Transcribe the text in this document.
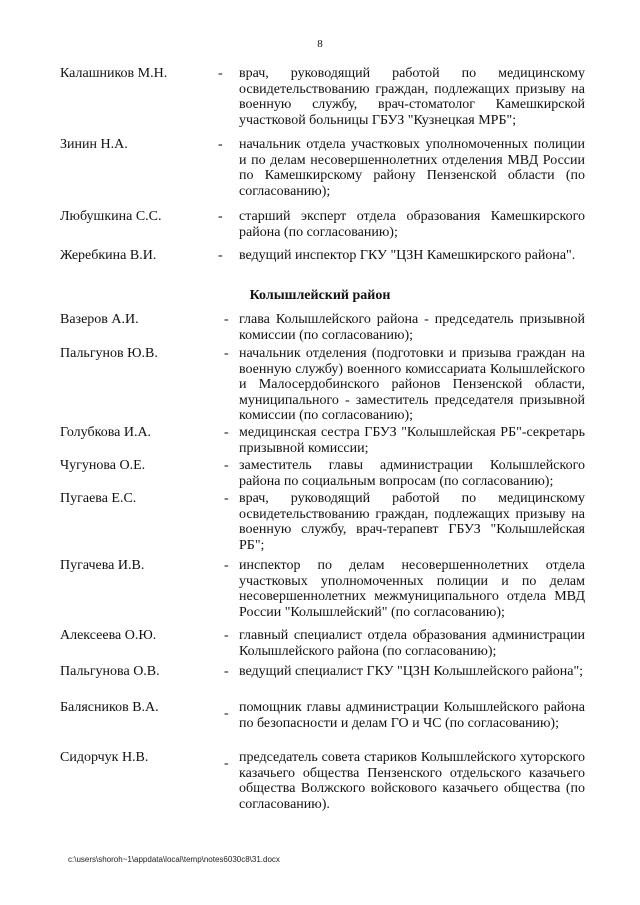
8
Калашников М.Н.	- врач, руководящий работой по медицинскому освидетельствованию граждан, подлежащих призыву на военную службу, врач-стоматолог Камешкирской участковой больницы ГБУЗ "Кузнецкая МРБ";
Зинин Н.А.	- начальник отдела участковых уполномоченных полиции и по делам несовершеннолетних отделения МВД России по Камешкирскому району Пензенской области (по согласованию);
Любушкина С.С.	- старший эксперт отдела образования Камешкирского района (по согласованию);
Жеребкина В.И.	- ведущий инспектор ГКУ "ЦЗН Камешкирского района".
Колышлейский район
Вазеров А.И.	- глава Колышлейского района - председатель призывной комиссии (по согласованию);
Пальгунов Ю.В.	- начальник отделения (подготовки и призыва граждан на военную службу) военного комиссариата Колышлейского и Малосердобинского районов Пензенской области, муниципального - заместитель председателя призывной комиссии (по согласованию);
Голубкова И.А.	- медицинская сестра ГБУЗ "Колышлейская РБ"-секретарь призывной комиссии;
Чугунова О.Е.	- заместитель главы администрации Колышлейского района по социальным вопросам (по согласованию);
Пугаева Е.С.	- врач, руководящий работой по медицинскому освидетельствованию граждан, подлежащих призыву на военную службу, врач-терапевт ГБУЗ "Колышлейская РБ";
Пугачева И.В.	- инспектор по делам несовершеннолетних отдела участковых уполномоченных полиции и по делам несовершеннолетних межмуниципального отдела МВД России "Колышлейский" (по согласованию);
Алексеева О.Ю.	- главный специалист отдела образования администрации Колышлейского района (по согласованию);
Пальгунова О.В.	- ведущий специалист ГКУ "ЦЗН Колышлейского района";
Балясников В.А.	- помощник главы администрации Колышлейского района по безопасности и делам ГО и ЧС (по согласованию);
Сидорчук Н.В.	- председатель совета стариков Колышлейского хуторского казачьего общества Пензенского отдельского казачьего общества Волжского войскового казачьего общества (по согласованию).
c:\users\shoroh~1\appdata\local\temp\notes6030c8\31.docx
